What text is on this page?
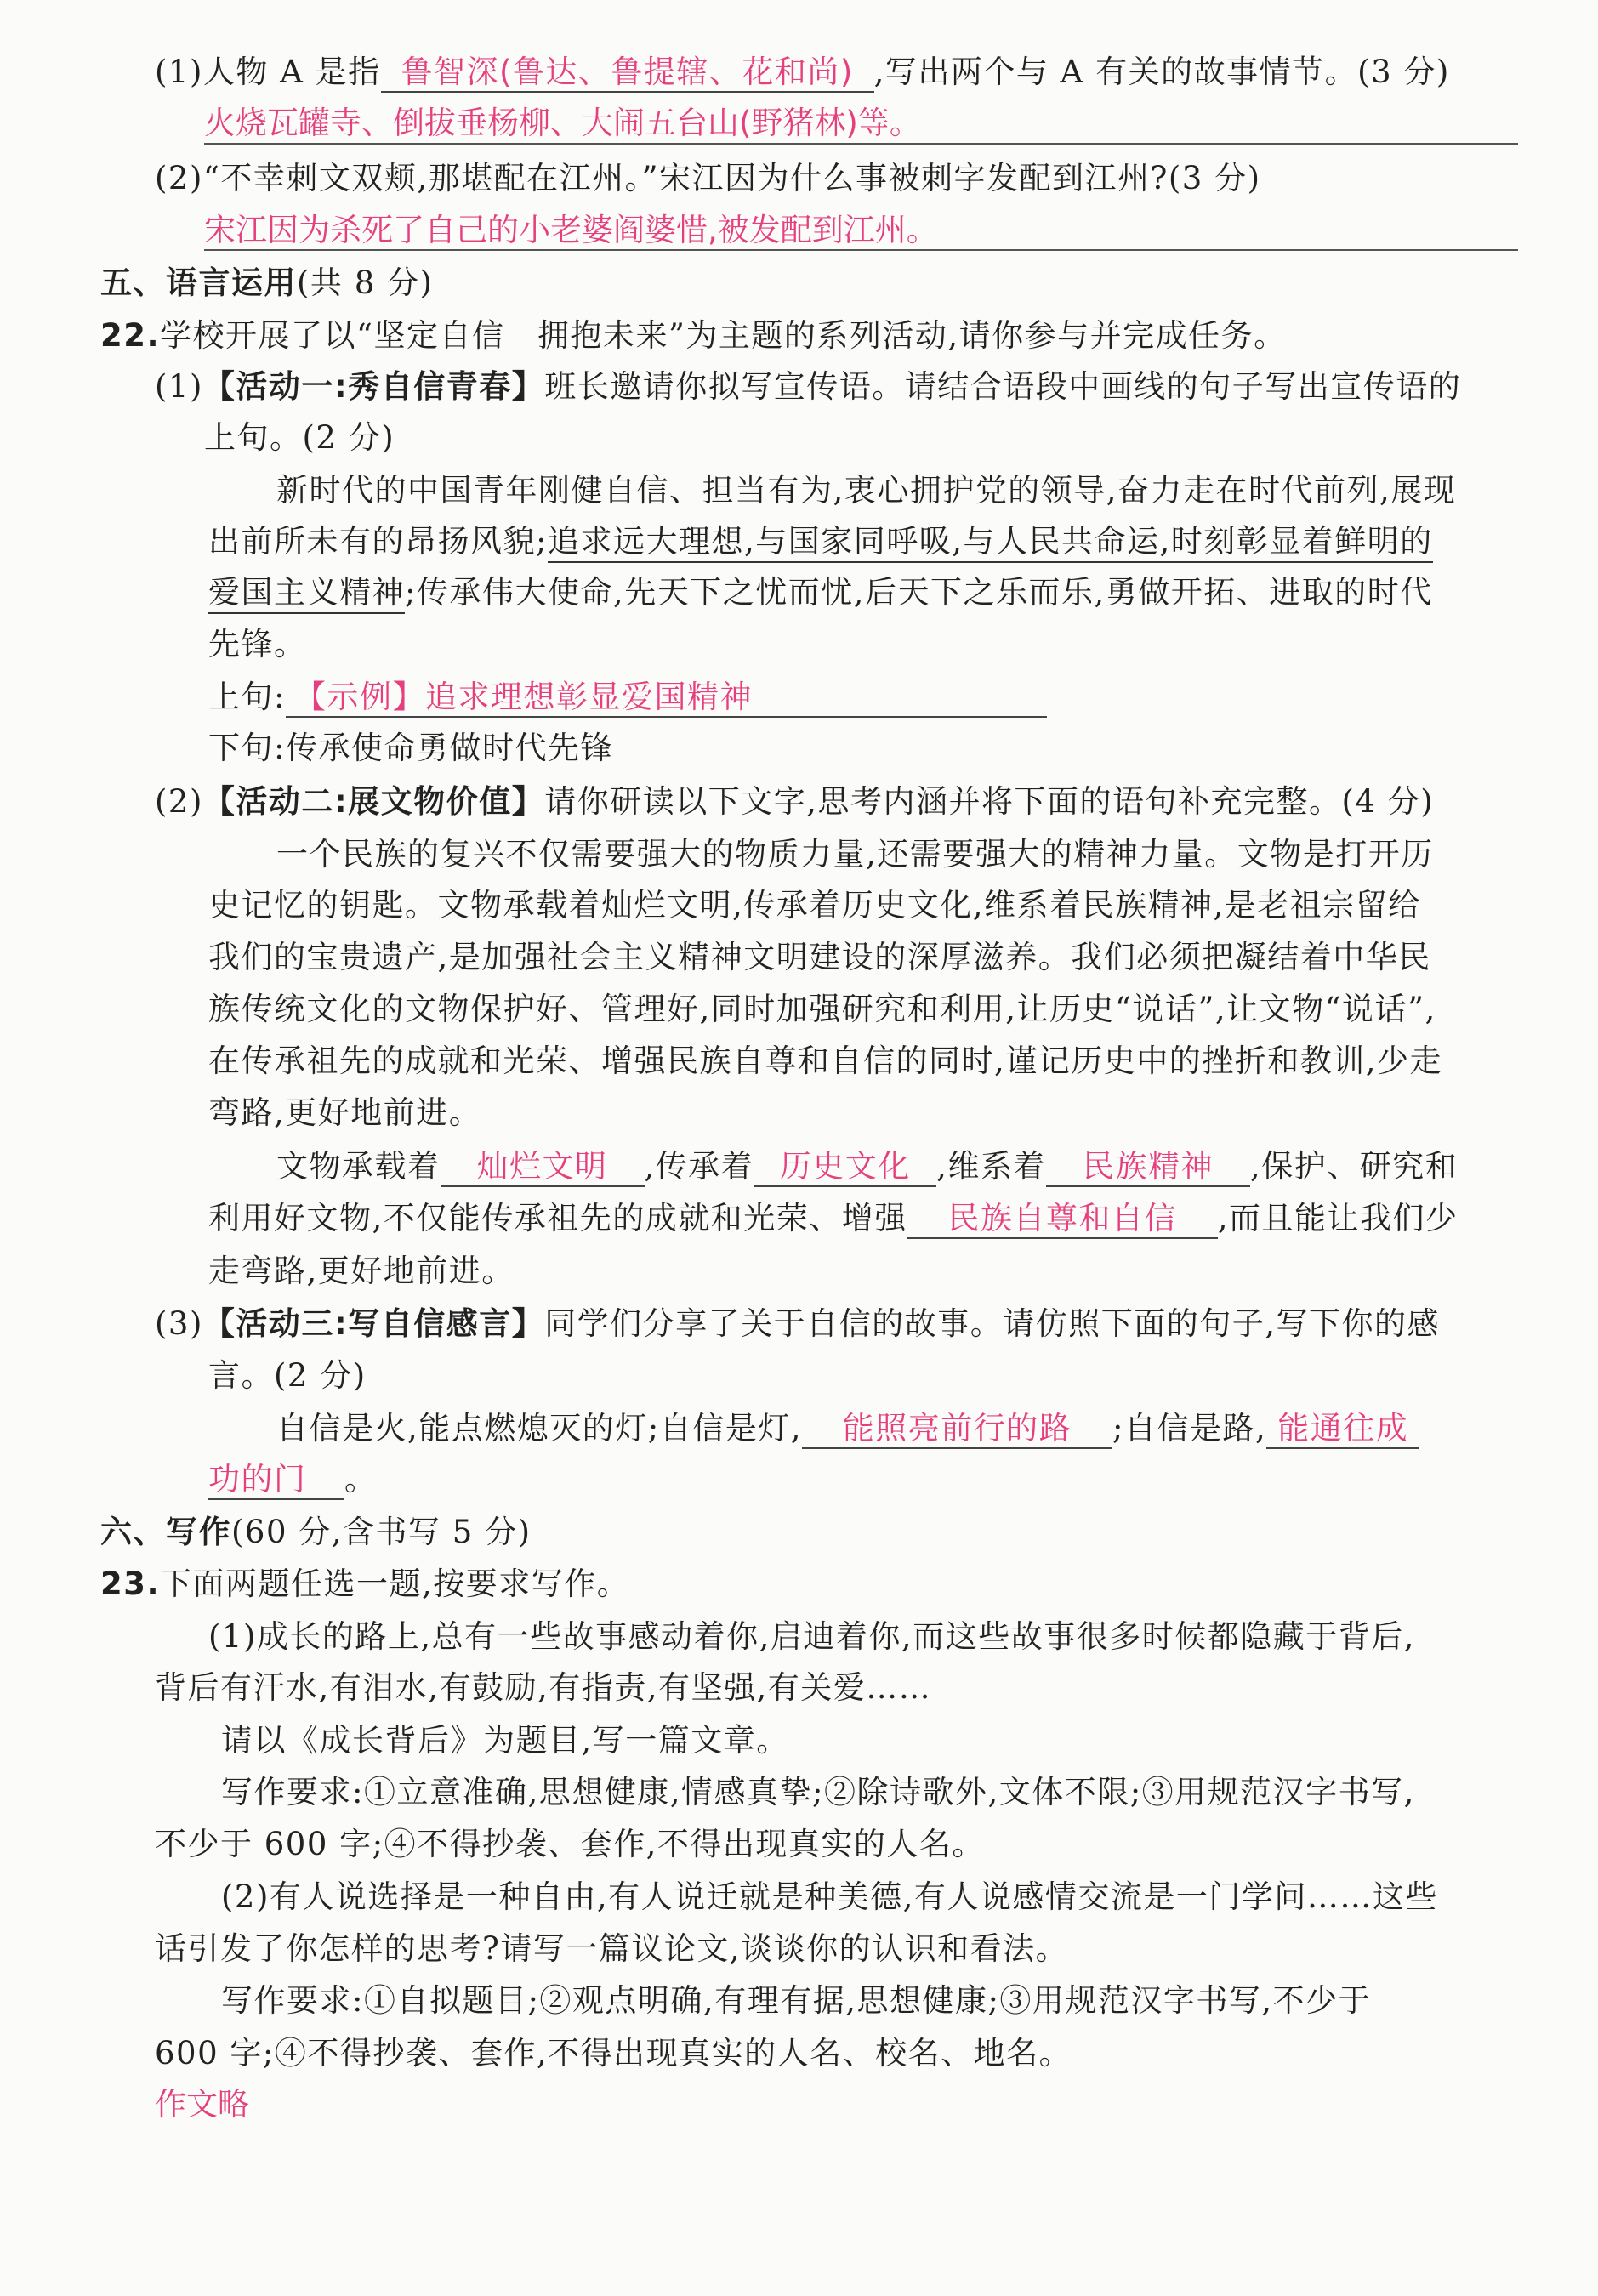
(1)人物 A 是指 鲁智深(鲁达、鲁提辖、花和尚) ,写出两个与 A 有关的故事情节。(3 分)
火烧瓦罐寺、倒拔垂杨柳、大闹五台山(野猪林)等。
(2)“不幸刺文双颊,那堪配在江州。”宋江因为什么事被刺字发配到江州?(3 分)
宋江因为杀死了自己的小老婆阎婆惜,被发配到江州。
五、语言运用(共 8 分)
22.学校开展了以“坚定自信　拥抱未来”为主题的系列活动,请你参与并完成任务。
(1)【活动一:秀自信青春】班长邀请你拟写宣传语。请结合语段中画线的句子写出宣传语的
上句。(2 分)
新时代的中国青年刚健自信、担当有为,衷心拥护党的领导,奋力走在时代前列,展现
出前所未有的昂扬风貌;追求远大理想,与国家同呼吸,与人民共命运,时刻彰显着鲜明的
爱国主义精神;传承伟大使命,先天下之忧而忧,后天下之乐而乐,勇做开拓、进取的时代
先锋。
上句: 【示例】追求理想彰显爱国精神
下句:传承使命勇做时代先锋
(2)【活动二:展文物价值】请你研读以下文字,思考内涵并将下面的语句补充完整。(4 分)
一个民族的复兴不仅需要强大的物质力量,还需要强大的精神力量。文物是打开历
史记忆的钥匙。文物承载着灿烂文明,传承着历史文化,维系着民族精神,是老祖宗留给
我们的宝贵遗产,是加强社会主义精神文明建设的深厚滋养。我们必须把凝结着中华民
族传统文化的文物保护好、管理好,同时加强研究和利用,让历史“说话”,让文物“说话”,
在传承祖先的成就和光荣、增强民族自尊和自信的同时,谨记历史中的挫折和教训,少走
弯路,更好地前进。
文物承载着 灿烂文明 ,传承着 历史文化 ,维系着 民族精神 ,保护、研究和
利用好文物,不仅能传承祖先的成就和光荣、增强 民族自尊和自信 ,而且能让我们少
走弯路,更好地前进。
(3)【活动三:写自信感言】同学们分享了关于自信的故事。请仿照下面的句子,写下你的感
言。(2 分)
自信是火,能点燃熄灭的灯;自信是灯, 能照亮前行的路 ;自信是路, 能通往成
功的门 。
六、写作(60 分,含书写 5 分)
23.下面两题任选一题,按要求写作。
(1)成长的路上,总有一些故事感动着你,启迪着你,而这些故事很多时候都隐藏于背后,
背后有汗水,有泪水,有鼓励,有指责,有坚强,有关爱……
请以《成长背后》为题目,写一篇文章。
写作要求:①立意准确,思想健康,情感真挚;②除诗歌外,文体不限;③用规范汉字书写,
不少于 600 字;④不得抄袭、套作,不得出现真实的人名。
(2)有人说选择是一种自由,有人说迁就是种美德,有人说感情交流是一门学问……这些
话引发了你怎样的思考?请写一篇议论文,谈谈你的认识和看法。
写作要求:①自拟题目;②观点明确,有理有据,思想健康;③用规范汉字书写,不少于
600 字;④不得抄袭、套作,不得出现真实的人名、校名、地名。
作文略
